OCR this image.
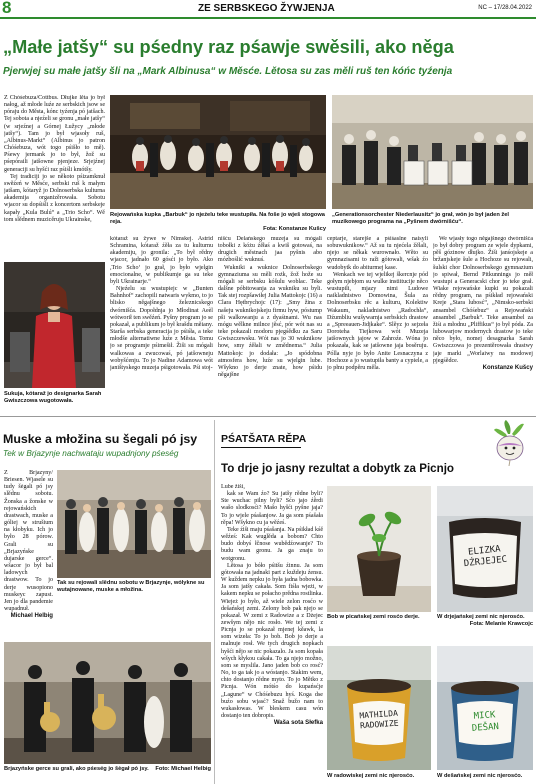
8	ZE SERBSKEGO ŽYWJENJA	NC – 17/28.04.2022
„Małe jatšy“ su pśedny raz pśawje swěsili, ako něga
Pjerwjej su małe jatšy šli na „Mark Albinusa“ w Měsće. Lětosa su zas měli ruš ten kóńc tyźenja

Z Chóśebuza/Cottbus. Dłujke lěta jo był nałog, až młode luźe ze serbskich jsow se póraju do Města, kónc tyźenja pó jatšach. Tej sobota a njeźeli se gronu „małe jatšy“ (w srjeźnej a Górnej Łužycy „młode jatšy“). Tam jo był wjasoły ruš, „Albinus-Markt“ (Albinus jo patron Chóśebuza, wót togo pśišło to mě). Pśewy jermank jo to był, žož su pśepóraili jatšowne pjenjeze. Srjejźnej generaciji su hyšći raz pśiśli kmótšy.

Tej tradiciji jo se někoto pśizamknuł swěźeń w Měsće, serbski ruš k małym jatšam, kótaryž jo Dolnoserbska kulturna akademija organizěrowała. Sobotu wjacor su dopśiśli z koncertom serbskeje kapały „Kula Bulú“ a „Trio Scho“. Wě tom slědnem muzicěruju Ukrainske,

Rejowańska kupka „Barbuk“ jo njeźelu teke wustupiła. Na foše jo wješ stogowa reja.
Fota: Konstanze Kušcy
„Generationsorchester Niederlausitz“ jo grał, wón jo był jaden žel muzikowego programa na „Pyšnem dwórnišću“.
Sukuja, kótaraž jo designarka Sarah Gwiszczowa wugotowała.

kótaraž su žywe w Nimskej. Astrid Schramina, kótaraž źěła za tu kulturnu akademiju, jo gronila: „To był rědny wjacor, jadnało 60 gósći jo było. Ako ,Trio Scho‘ jo grał, jo było wjelgin emocionalne, w publikumje ga su teke byli Ukrainarje.“

Njeźelu su wustupiejc w „Bunten Bahnhof“ zachopili natwaris wykmo, to jo blisko něgajšnego železnicskego dwórnišća. Dopołdnja jo Młodinat Aeèl wótworił ten swěźeń. Pyšny program jo se pokazał, a publikum jo był krašdu měiany. Starša serbska generacija jo pśiśła, a teke młodše alternatiwne luźe z Města. Tomu jo se programje pśimešił. Žiši su mógali walkowas a zwucowaś, pó jatšowneju wobyšćenju. To jo Nadine Adamowa wót janištyskego muzeja pśigotowała. Pśi stoj-

nišću Delańskego muzeja su mógali tobołki z kóżu źěłaś a kwiš gotowaś, na drugich městnach jaa pyšnis abo mózboślić wuknuś.

Wukniki a wuknice Dolnoserbskego gymnaziuma su měli rożk, žož hože su mógali se serbsku kóšulu woblac. Teke dalšne póbitowanja za wukniku su byli. Tak stej rozpšawiłej Julia Mattokojc (16) a Clara Hętbrychojc (17): „Smy žina z našeju wuknikojskeju firmu hyw, póstump pši walkowanju a z dyaśtnami. Wu nas mógu wělkne milnce jěsć, pór wót nas su teke pokazali modoru pjegśědku za Saru Gwiszczewsku. Wót nas jo 30 wuknikow how, smy źěłali w změdnema.“ Julia Mattokojc jo dodała: „Jo spódobna atmosfera how, luźe su wjelgin lube. Wšykno jo derje znate, how pśidu něgajšne

ceptarje, starejše a pśiśaslne naisyli sobuwuknikow.“ Až su tu njećela žělali, njejo se někak wurownało. Wěto su gymnazisami to raži gótowali, wšak źo wudobytk do abiturmej kase.

Wenkach we tej wjelikej škercnje pód gołym njebjom su wulke instiitucije něco wustupili, mjazy nimi Ludowe naikladnistwo Domowina, Šula za Dolnoserbsku rěc a kulturu, Kolektiw Wakaum, nakladnistwo „Radochła“, Dźumbliu wušywarnja serbskich drastow a „Spreeauen-Jidjkake“. Slěyz jo sejzeła Doroteha Tiejkowa wót Muzeja jatšownych jajow w Zahroźe. Wóna jo pokazała, kak se jatšowne jaja bosěruju. Pólla nyje jo było Anite Lesnaczyna z Hochoze a jo wustupiła banty a cypiele, a jo płnu podpěru měla.

We wjasły togo něgajšnego dwórnišća jo był dobry program ze wjele dypkami, pěš gózinow dłujko. Žiši janśojskeje a bržanjskeje šule a Hochoze su rejowali, šulski chor Dolnoserbskego gymnazium jo spiwał, Bernd Pitkunnings jo měł wustupi a Generacski chor jo teke grał. Wiake rejowańske kupki su pokazali rědny program, na pśikład rejowański Kreje „Stara lubosć“, „Nimsko-serbski ansambel Chóśebuz“ a Rejowański ansambel „Barbuk“. Teke ansambel za žiśi a młodnu „Pliffikus“ jo był póda. Za lubowarjow modernych drastow jo teke něco było, nomej desagnarka Sarah Gwiszczowa jo prezentěrowała drastwy jaje marki „Worlaiwy na modowej pjegśědce.

Konstanze Kušcy

Muske a młožina su šegali pó jsy
Tek w Brjazynje nachwataju wupadnjony pśeség

Z Brjazyny/ Briesen. Wjasele su tudy šėgali pó jsy slědnu sobotu. Žonska a žonske w rejowańskich drastwach, muske a góliej w strušium na kłobyku. Ich jo było 28 pórow. Grali su „Brjazyńske dujarske gerce“. wšacor jo był bal ladowych drastwow. To jo derje wusopiono muskeyc zapust. Jen jo dla pandemie wupadnuł.

Michael Helbig

Tak su rejowali slědnu sobotu w Brjazynje, wólykne su wutajnowane, muske a młožina.
Brjazyńske gerce su grali, ako pśeség jo šėgał pó jsy. Foto: Michael Helbig
PŚATŠATA RĚPA
To drje jo jasny rezultat a dobytk za Picnjo

Lube žiši,

kak se Wam źo? Su jatšy rědne byli? Ste wuchac pilny byli? Sćo jajo źěrdi wašo slodkosći? Mašo hyšći pyšne jaja? To jo wjele pśašanjow. Ja ga som pśašała rěpa! Wšykno cu ja wěźeś.

Teke źiši maju pśašanja. Na pśikład kśě wěźeś: Kak wuglěda a bobom? Chto budo dobyś łčnose wubědźowanje? To budu wam gronu. Ja ga znaju to wotgronu.

Lětosa jo bóło pśitšu źinnu. Ja som gótowała na jadnaki part z kuždeju źensu. W kuždem nepku jo była jadna bobowka. Ja som jatšy cakała. Som fiśła wjeżi, w kakem nepku se połacho prědna rostlinka. Wiejeż jo było, až wiele zelon rosćo w dešańskej zemi. Zelony bob pak njejo se pokazał. W zemi z Radowize a z Dżejec zewšym nějo nic rosło. We tej zemi z Picnja jo se pokazał mjenej kěawk, la som wizeła: To jo bob. Bob jo derje a malnuje rosł. We tych drugich nopkach hyšći nějo se nic pokazalo. Ja som kopała wšych kłykou cakała. To ga njejo možno, som se myslila. Jano jaden bob co rosć? No, to ga tak jo a wóstanjo. Stakim wem, chto dostanjo rědne myto. To jo Mětko z Picnja. Wón mótśo do kupańsćje „Lagune“ w Chóśebuzu hyś. Koga dse buźo sobu wjasć? Snaž bužo nam to wukasłowas. W bleskem casu wón dostanjo ten dobropis.

Waša sota Słefka

Bob w picańskej zemi rosćo derje.
ELIZKA DŹRJEJEC
W drjejańskej zemi nic njerosćo.
Fota: Melanie Krawcojc
MATHILDA RADOWIZE
W radowiskej zemi nic njerosćo.
MICK DEŠAN
W dešańskej zemi nic njerosćo.
